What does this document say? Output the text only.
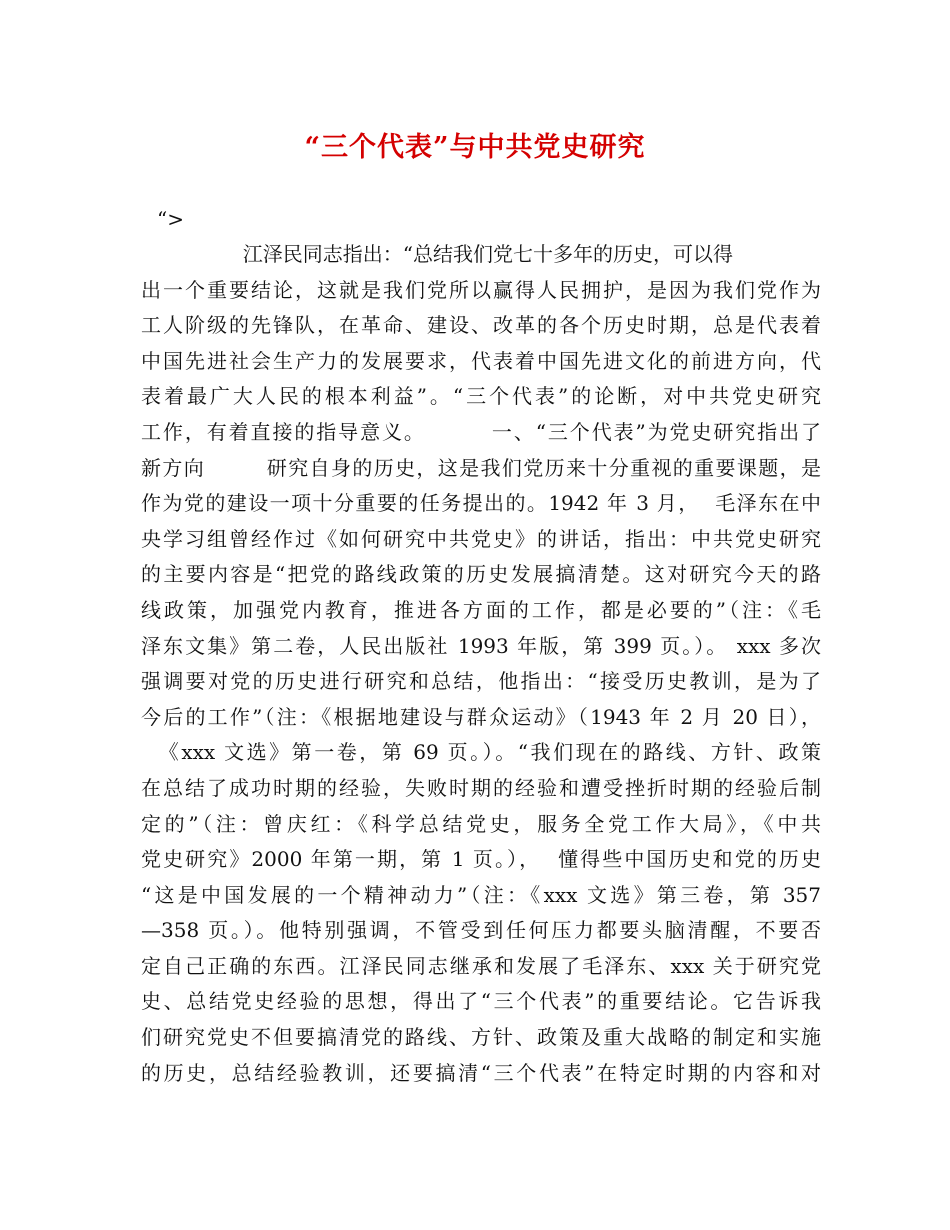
“三个代表”与中共党史研究
“>
江泽民同志指出：“总结我们党七十多年的历史，可以得
出一个重要结论，这就是我们党所以赢得人民拥护，是因为我们党作为
工人阶级的先锋队，在革命、建设、改革的各个历史时期，总是代表着
中国先进社会生产力的发展要求，代表着中国先进文化的前进方向，代
表着最广大人民的根本利益”。“三个代表”的论断，对中共党史研究
工作，有着直接的指导意义。        一、“三个代表”为党史研究指出了
新方向        研究自身的历史，这是我们党历来十分重视的重要课题，是
作为党的建设一项十分重要的任务提出的。1942 年 3 月，  毛泽东在中
央学习组曾经作过《如何研究中共党史》的讲话，指出：中共党史研究
的主要内容是“把党的路线政策的历史发展搞清楚。这对研究今天的路
线政策，加强党内教育，推进各方面的工作，都是必要的”（注：《毛
泽东文集》第二卷，人民出版社 1993 年版，第 399 页。）。 xxx 多次
强调要对党的历史进行研究和总结，他指出：“接受历史教训，是为了
今后的工作”（注：《根据地建设与群众运动》（1943 年 2 月 20 日），
《xxx 文选》第一卷，第 69 页。）。“我们现在的路线、方针、政策
在总结了成功时期的经验，失败时期的经验和遭受挫折时期的经验后制
定的”（注：曾庆红：《科学总结党史，服务全党工作大局》，《中共
党史研究》2000 年第一期，第 1 页。），  懂得些中国历史和党的历史
“这是中国发展的一个精神动力”（注：《xxx 文选》第三卷，第 357
—358 页。）。他特别强调，不管受到任何压力都要头脑清醒，不要否
定自己正确的东西。江泽民同志继承和发展了毛泽东、xxx 关于研究党
史、总结党史经验的思想，得出了“三个代表”的重要结论。它告诉我
们研究党史不但要搞清党的路线、方针、政策及重大战略的制定和实施
的历史，总结经验教训，还要搞清“三个代表”在特定时期的内容和对
